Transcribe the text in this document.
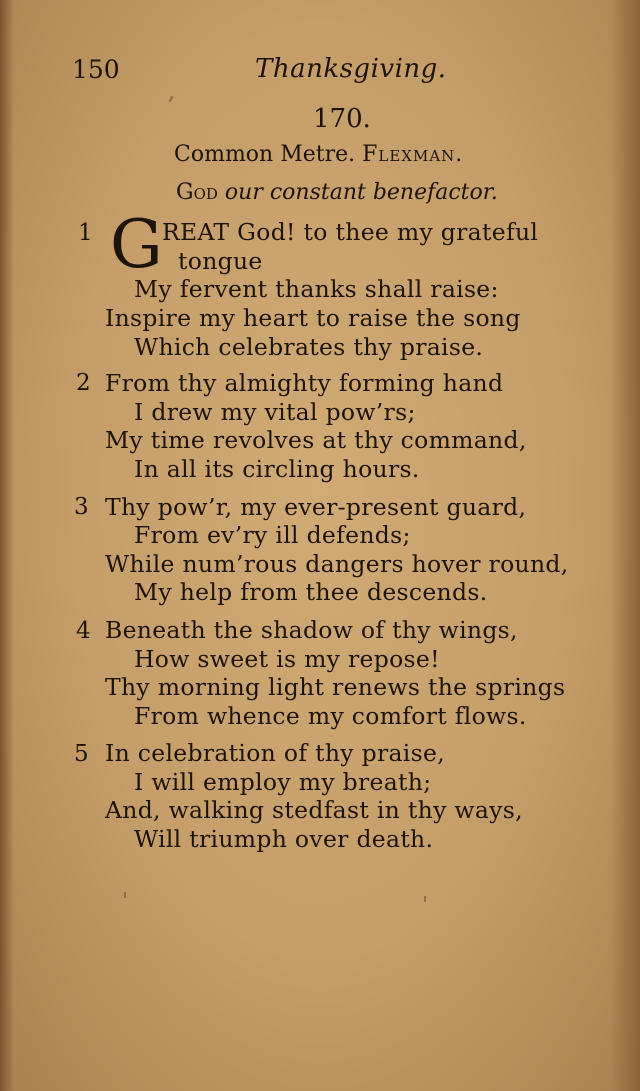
150	Thanksgiving.
170.
Common Metre. Flexman.
God our constant benefactor.
1 G REAT God! to thee my grateful
tongue
My fervent thanks shall raise:
Inspire my heart to raise the song
Which celebrates thy praise.
2 From thy almighty forming hand
I drew my vital pow’rs;
My time revolves at thy command,
In all its circling hours.
3 Thy pow’r, my ever-present guard,
From ev’ry ill defends;
While num’rous dangers hover round,
My help from thee descends.
4 Beneath the shadow of thy wings,
How sweet is my repose!
Thy morning light renews the springs
From whence my comfort flows.
5 In celebration of thy praise,
I will employ my breath;
And, walking stedfast in thy ways,
Will triumph over death.
